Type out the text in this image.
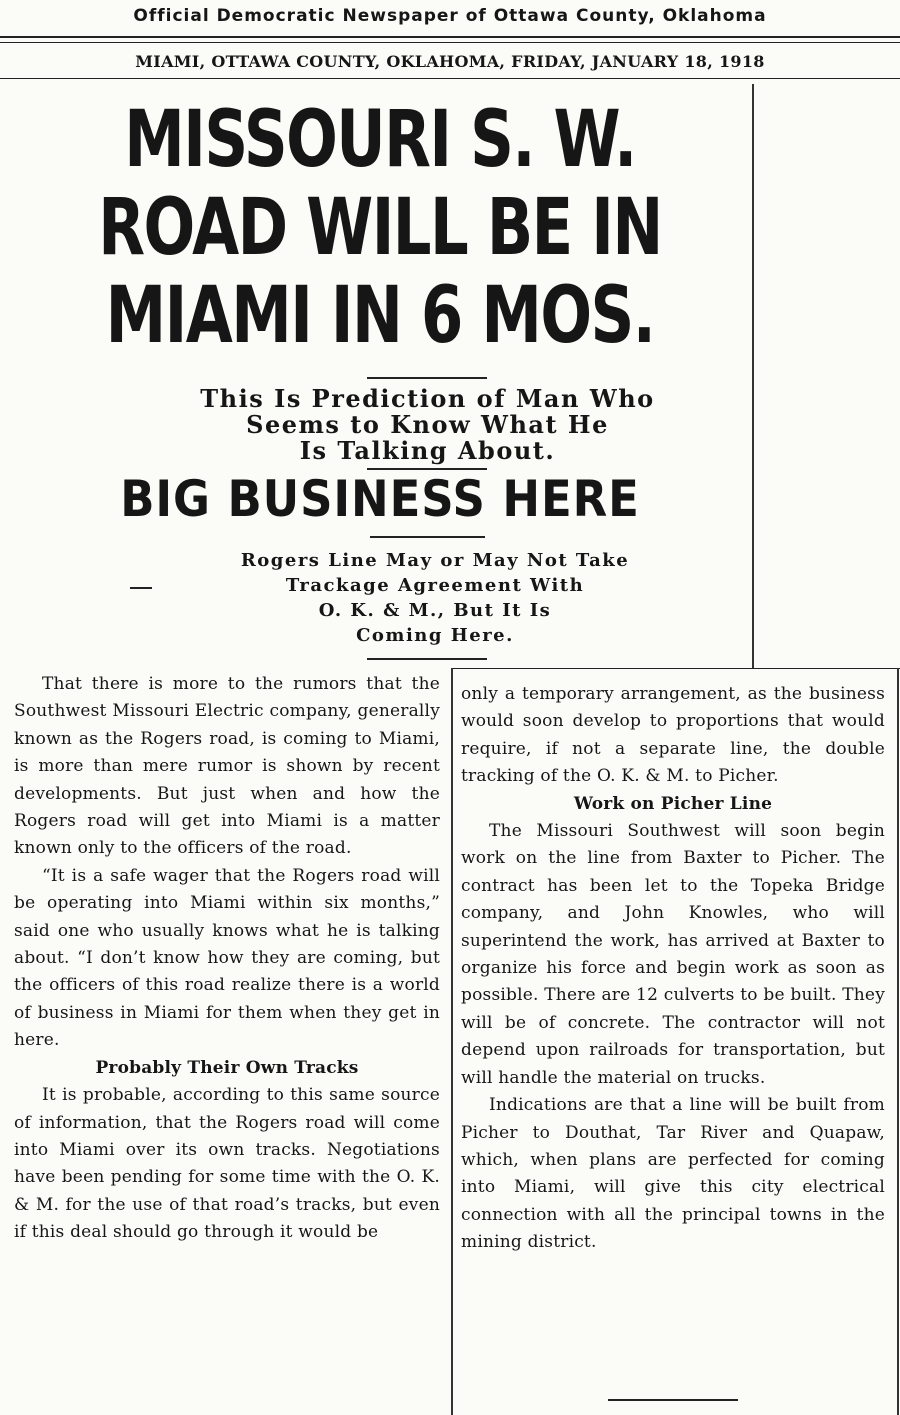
Official Democratic Newspaper of Ottawa County, Oklahoma
MIAMI, OTTAWA COUNTY, OKLAHOMA, FRIDAY, JANUARY 18, 1918
MISSOURI S. W.
ROAD WILL BE IN
MIAMI IN 6 MOS.
This Is Prediction of Man Who
Seems to Know What He
Is Talking About.
BIG BUSINESS HERE
Rogers Line May or May Not Take
Trackage Agreement With
O. K. & M., But It Is
Coming Here.

That there is more to the rumors that the Southwest Missouri Electric company, generally known as the Rogers road, is coming to Miami, is more than mere rumor is shown by recent developments. But just when and how the Rogers road will get into Miami is a matter known only to the officers of the road.

“It is a safe wager that the Rogers road will be operating into Miami within six months,” said one who usually knows what he is talking about. “I don’t know how they are coming, but the officers of this road realize there is a world of business in Miami for them when they get in here.

Probably Their Own Tracks

It is probable, according to this same source of information, that the Rogers road will come into Miami over its own tracks. Negotiations have been pending for some time with the O. K. & M. for the use of that road’s tracks, but even if this deal should go through it would be

only a temporary arrangement, as the business would soon develop to proportions that would require, if not a separate line, the double tracking of the O. K. & M. to Picher.

Work on Picher Line

The Missouri Southwest will soon begin work on the line from Baxter to Picher. The contract has been let to the Topeka Bridge company, and John Knowles, who will superintend the work, has arrived at Baxter to organize his force and begin work as soon as possible. There are 12 culverts to be built. They will be of concrete. The contractor will not depend upon railroads for transportation, but will handle the material on trucks.

Indications are that a line will be built from Picher to Douthat, Tar River and Quapaw, which, when plans are perfected for coming into Miami, will give this city electrical connection with all the principal towns in the mining district.
